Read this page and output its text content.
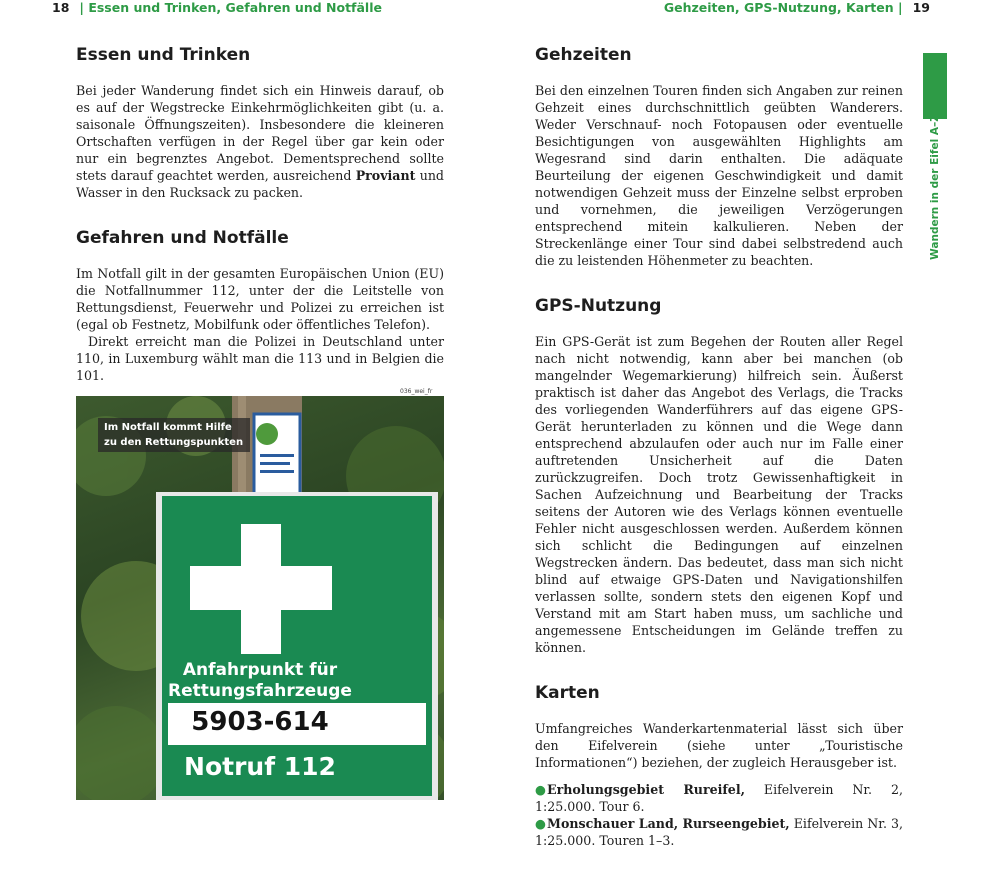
18 | Essen und Trinken, Gefahren und Notfälle	Gehzeiten, GPS-Nutzung, Karten | 19
Wandern in der Eifel A–Z
Essen und Trinken

Bei jeder Wanderung findet sich ein Hinweis darauf, ob es auf der Wegstrecke Einkehrmöglichkeiten gibt (u. a. saisonale Öffnungszeiten). Insbesondere die kleineren Ortschaften verfügen in der Regel über gar kein oder nur ein begrenztes Angebot. Dementsprechend sollte stets darauf geachtet werden, ausreichend Proviant und Wasser in den Rucksack zu packen.

Gefahren und Notfälle

Im Notfall gilt in der gesamten Europäischen Union (EU) die Notfallnummer 112, unter der die Leitstelle von Rettungsdienst, Feuerwehr und Polizei zu erreichen ist (egal ob Festnetz, Mobilfunk oder öffentliches Telefon).

Direkt erreicht man die Polizei in Deutschland unter 110, in Luxemburg wählt man die 113 und in Belgien die 101.

036_wei_fr
Anfahrpunkt für
Rettungsfahrzeuge
5903-614
Notruf 112
Im Notfall kommt Hilfe zu den Rettungspunkten
Gehzeiten

Bei den einzelnen Touren finden sich Angaben zur reinen Gehzeit eines durchschnittlich geübten Wanderers. Weder Verschnauf- noch Fotopausen oder eventuelle Besichtigungen von ausgewählten Highlights am Wegesrand sind darin enthalten. Die adäquate Beurteilung der eigenen Geschwindigkeit und damit notwendigen Gehzeit muss der Einzelne selbst erproben und vornehmen, die jeweiligen Verzögerungen entsprechend mitein kalkulieren. Neben der Streckenlänge einer Tour sind dabei selbstredend auch die zu leistenden Höhenmeter zu beachten.

GPS-Nutzung

Ein GPS-Gerät ist zum Begehen der Routen aller Regel nach nicht notwendig, kann aber bei manchen (ob mangelnder Wegemarkierung) hilfreich sein. Äußerst praktisch ist daher das Angebot des Verlags, die Tracks des vorliegenden Wanderführers auf das eigene GPS-Gerät herunterladen zu können und die Wege dann entsprechend abzulaufen oder auch nur im Falle einer auftretenden Unsicherheit auf die Daten zurückzugreifen. Doch trotz Gewissenhaftigkeit in Sachen Aufzeichnung und Bearbeitung der Tracks seitens der Autoren wie des Verlags können eventuelle Fehler nicht ausgeschlossen werden. Außerdem können sich schlicht die Bedingungen auf einzelnen Wegstrecken ändern. Das bedeutet, dass man sich nicht blind auf etwaige GPS-Daten und Navigationshilfen verlassen sollte, sondern stets den eigenen Kopf und Verstand mit am Start haben muss, um sachliche und angemessene Entscheidungen im Gelände treffen zu können.

Karten

Umfangreiches Wanderkartenmaterial lässt sich über den Eifelverein (siehe unter „Touristische Informationen“) beziehen, der zugleich Herausgeber ist.

●Erholungsgebiet Rureifel, Eifelverein Nr. 2, 1:25.000. Tour 6.
●Monschauer Land, Rurseengebiet, Eifelverein Nr. 3, 1:25.000. Touren 1–3.
